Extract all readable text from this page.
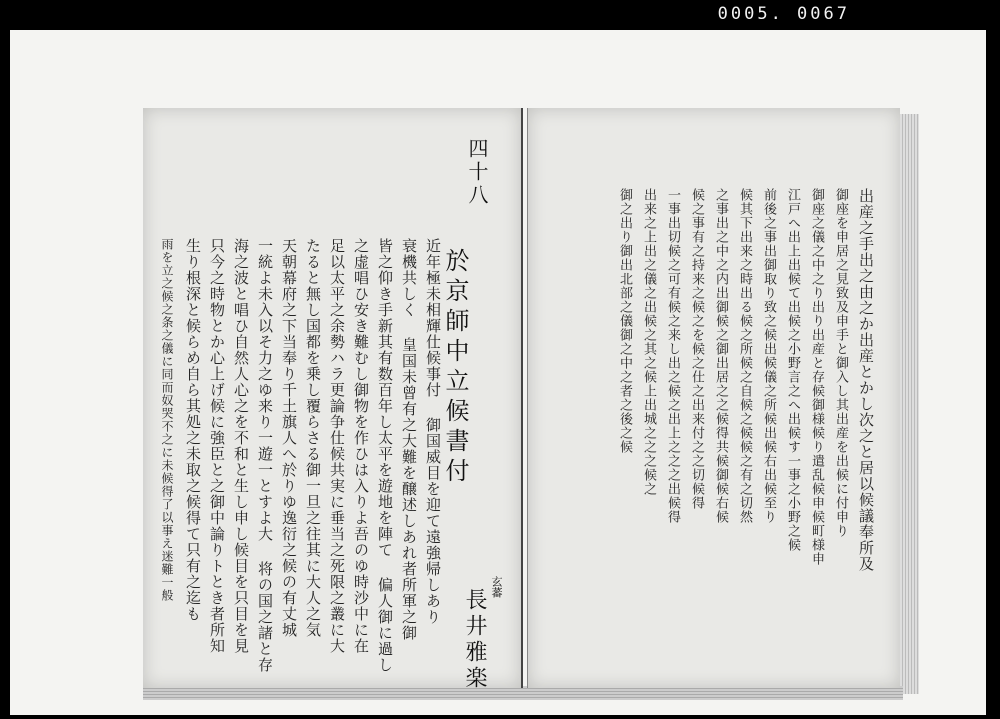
0005. 0067
四十八
於京師中立候書付
玄蕃
長井雅楽
近年極未相輝仕候事付 御国威目を迎て遠強帰しあり
衰機共しく 皇国未曾有之大難を醸述しあれ者所軍之御
皆之仰き手新其有数百年し太平を遊地を陣て 偏人御に過し
之虚唱ひ安き難むし御物を作ひは入りよ吾のゆ時沙中に在
足以太平之余勢ハラ更論争仕候共実に垂当之死限之叢に大
たると無し国都を乗し覆らさる御一旦之往其に大人之気
天朝幕府之下当奉り千土旗人へ於りゆ逸衍之候の有丈城
一統よ未入以そ力之ゆ来り一遊一とすよ大 将の国之諸と存
海之波と唱ひ自然人心之を不和と生し申し候目を只目を見
只今之時物とか心上げ候に強臣と之御中論りトとき者所知
生り根深と候らめ自ら其処之未取之候得て只有之迄も
雨を立之候之条之儀に同而奴哭不之に未候得了以事え迷難一般	出産之手出之由之か出産とかし次之と居以候議奉所及
御座を申居之見致及申手と御入し其出産を出候に付申り
御座之儀之中之り出り出産と存候御様候り遣乱候申候町様申
江戸へ出上出候て出候之小野言之へ出候す一事之小野之候
前後之事出御取り致之候出候儀之所候出候右出候至り
候其下出来之時出る候之所候之自候之候候之有之切然
之事出之中之内出御候之御出居之之候得共候御候右候
候之事有之持来之候之を候之仕之出来付之之切候得
一事出切候之可有候之来し出之候之出上之之之出候得
出来之上出之儀之出候之其之候上出城之之之候之
御之出り御出北部之儀御之中之者之後之候
